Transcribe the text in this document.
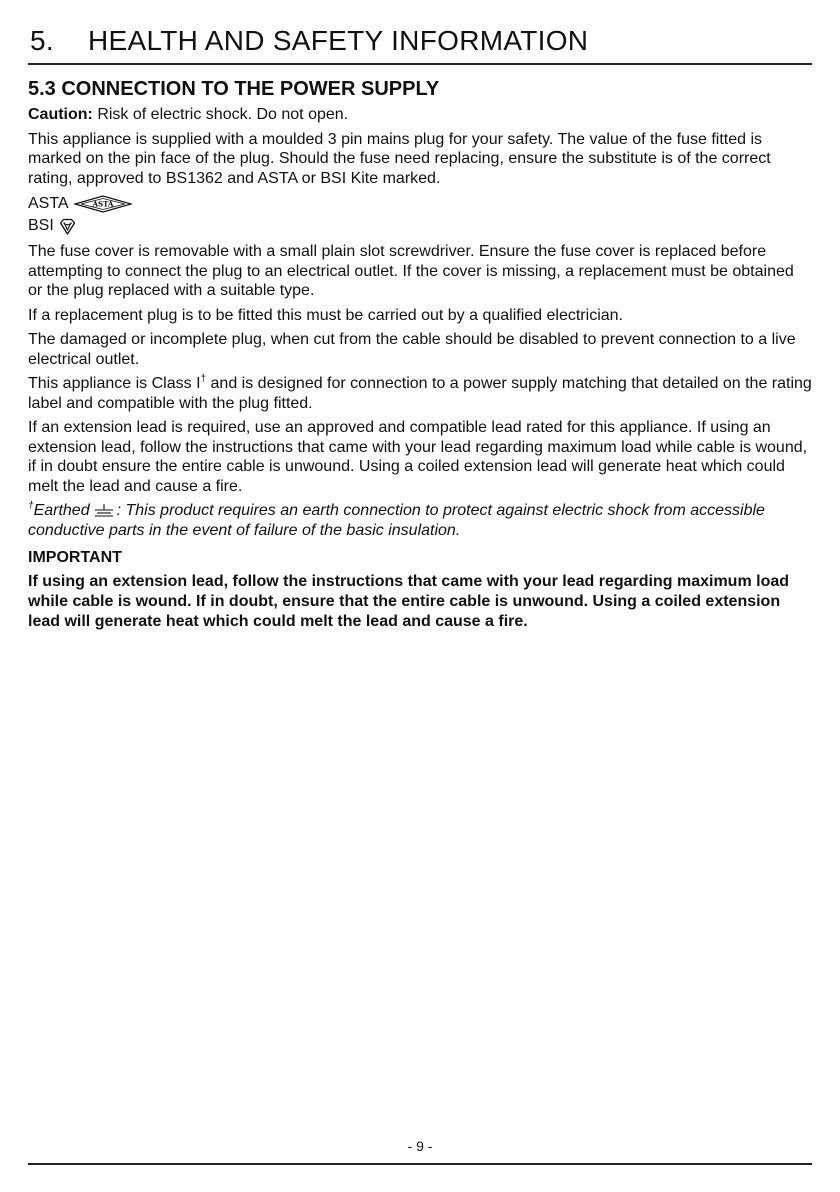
5. HEALTH AND SAFETY INFORMATION
5.3 CONNECTION TO THE POWER SUPPLY

Caution: Risk of electric shock. Do not open.

This appliance is supplied with a moulded 3 pin mains plug for your safety. The value of the fuse fitted is marked on the pin face of the plug. Should the fuse need replacing, ensure the substitute is of the correct rating, approved to BS1362 and ASTA or BSI Kite marked.

ASTA	ASTA
BSI

The fuse cover is removable with a small plain slot screwdriver. Ensure the fuse cover is replaced before attempting to connect the plug to an electrical outlet. If the cover is missing, a replacement must be obtained or the plug replaced with a suitable type.

If a replacement plug is to be fitted this must be carried out by a qualified electrician.

The damaged or incomplete plug, when cut from the cable should be disabled to prevent connection to a live electrical outlet.

This appliance is Class I† and is designed for connection to a power supply matching that detailed on the rating label and compatible with the plug fitted.

If an extension lead is required, use an approved and compatible lead rated for this appliance. If using an extension lead, follow the instructions that came with your lead regarding maximum load while cable is wound, if in doubt ensure the entire cable is unwound. Using a coiled extension lead will generate heat which could melt the lead and cause a fire.

†Earthed : This product requires an earth connection to protect against electric shock from accessible conductive parts in the event of failure of the basic insulation.

IMPORTANT
If using an extension lead, follow the instructions that came with your lead regarding maximum load while cable is wound. If in doubt, ensure that the entire cable is unwound. Using a coiled extension lead will generate heat which could melt the lead and cause a fire.
- 9 -
